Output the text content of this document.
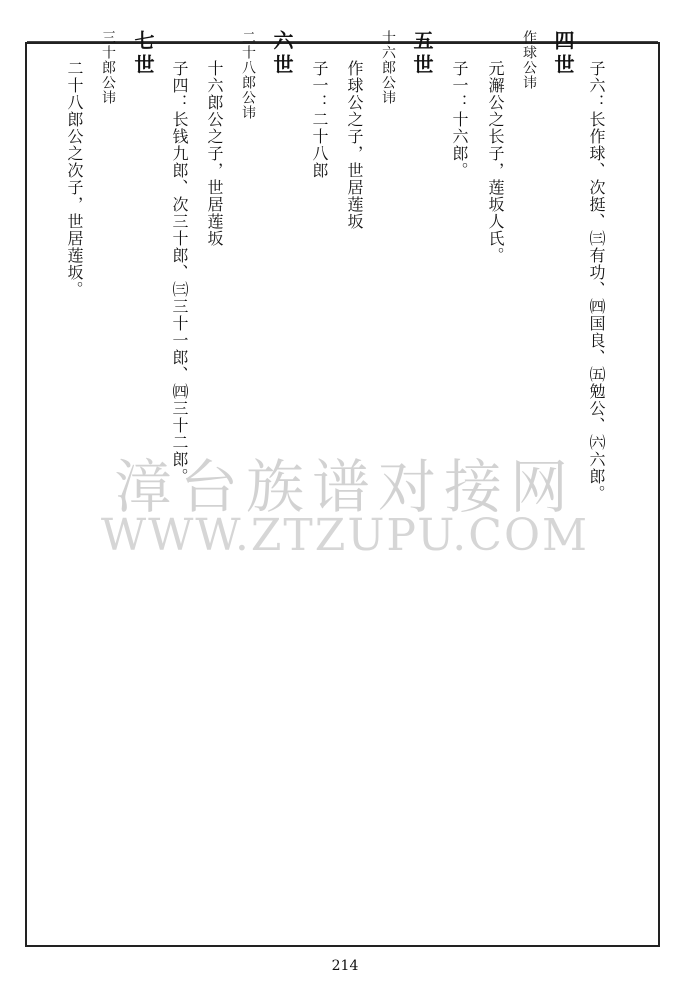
子六：长作球、次挺、㈢有功、㈣国良、㈤勉公、㈥六郎。
四世
作球公讳
元澥公之长子，莲坂人氏。
子一：十六郎。
五世
十六郎公讳
作球公之子，世居莲坂
子一：二十八郎
六世
二十八郎公讳
十六郎公之子，世居莲坂
子四：长钱九郎、次三十郎、㈢三十一郎、㈣三十二郎。
七世
三十郎公讳
二十八郎公之次子，世居莲坂。
漳台族谱对接网
WWW.ZTZUPU.COM
214
